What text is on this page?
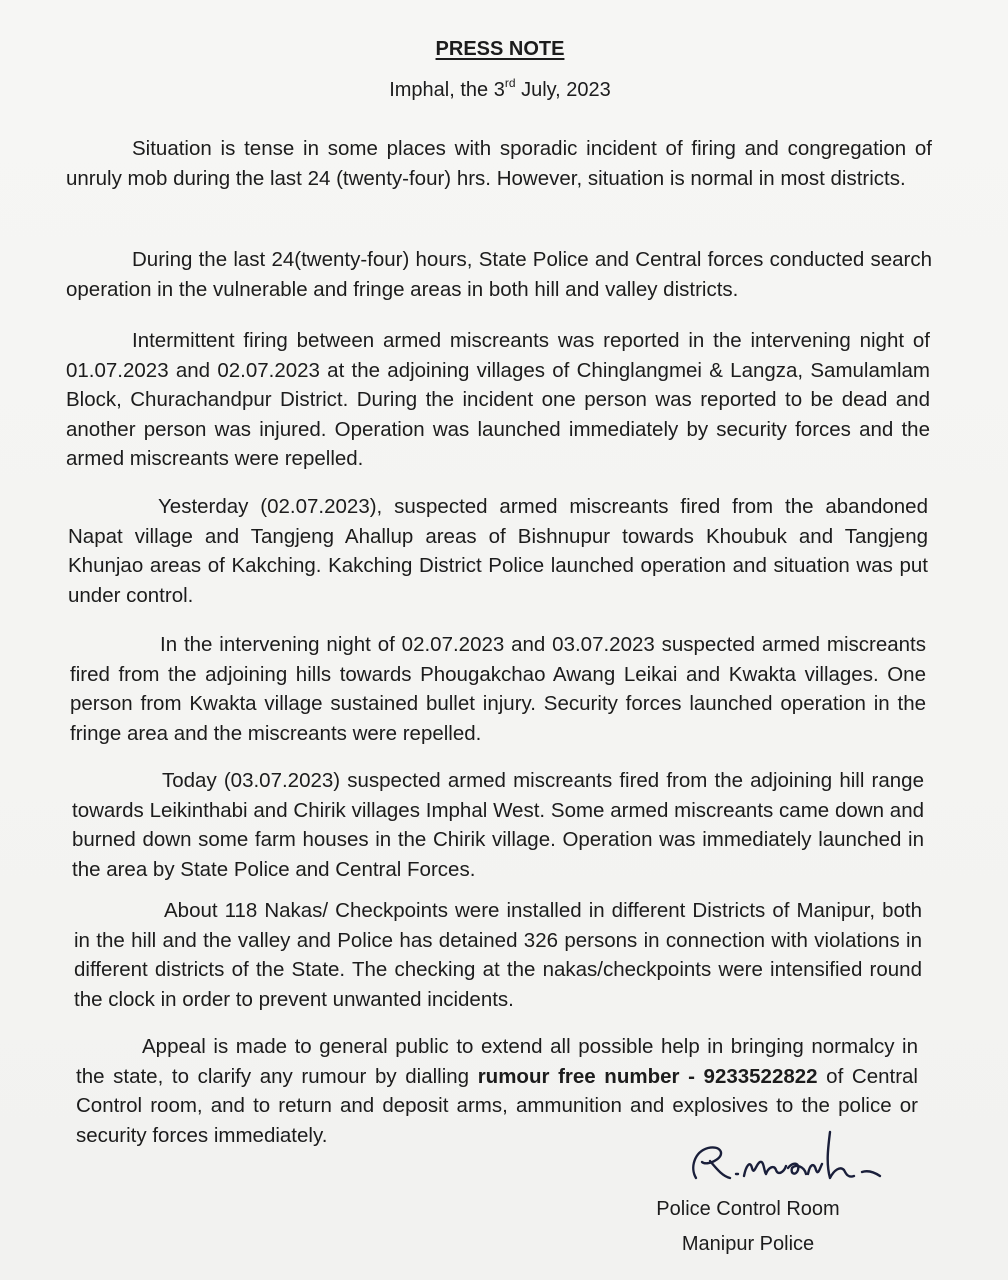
PRESS NOTE
Imphal, the 3rd July, 2023

Situation is tense in some places with sporadic incident of firing and congregation of unruly mob during the last 24 (twenty-four) hrs. However, situation is normal in most districts.

During the last 24(twenty-four) hours, State Police and Central forces conducted search operation in the vulnerable and fringe areas in both hill and valley districts.

Intermittent firing between armed miscreants was reported in the intervening night of 01.07.2023 and 02.07.2023 at the adjoining villages of Chinglangmei & Langza, Samulamlam Block, Churachandpur District. During the incident one person was reported to be dead and another person was injured. Operation was launched immediately by security forces and the armed miscreants were repelled.

Yesterday (02.07.2023), suspected armed miscreants fired from the abandoned Napat village and Tangjeng Ahallup areas of Bishnupur towards Khoubuk and Tangjeng Khunjao areas of Kakching. Kakching District Police launched operation and situation was put under control.

In the intervening night of 02.07.2023 and 03.07.2023 suspected armed miscreants fired from the adjoining hills towards Phougakchao Awang Leikai and Kwakta villages. One person from Kwakta village sustained bullet injury. Security forces launched operation in the fringe area and the miscreants were repelled.

Today (03.07.2023) suspected armed miscreants fired from the adjoining hill range towards Leikinthabi and Chirik villages Imphal West. Some armed miscreants came down and burned down some farm houses in the Chirik village. Operation was immediately launched in the area by State Police and Central Forces.

About 118 Nakas/ Checkpoints were installed in different Districts of Manipur, both in the hill and the valley and Police has detained 326 persons in connection with violations in different districts of the State. The checking at the nakas/checkpoints were intensified round the clock in order to prevent unwanted incidents.

Appeal is made to general public to extend all possible help in bringing normalcy in the state, to clarify any rumour by dialling rumour free number - 9233522822 of Central Control room, and to return and deposit arms, ammunition and explosives to the police or security forces immediately.

Police Control Room
Manipur Police
